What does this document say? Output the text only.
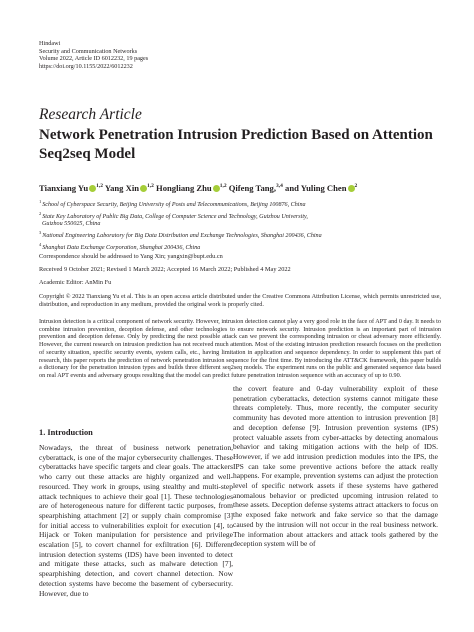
Hindawi
Security and Communication Networks
Volume 2022, Article ID 6012232, 19 pages
https://doi.org/10.1155/2022/6012232
Research Article
Network Penetration Intrusion Prediction Based on Attention Seq2seq Model
Tianxiang Yu $^{1,2}$ Yang Xin $^{1,2}$ Hongliang Zhu $^{1,2}$ Qifeng Tang,$^{3,4}$ and Yuling Chen $^2$
$^1$School of Cyberspace Security, Beijing University of Posts and Telecommunications, Beijing 100876, China
$^2$State Key Laboratory of Public Big Data, College of Computer Science and Technology, Guizhou University,
Guizhou 550025, China
$^3$National Engineering Laboratory for Big Data Distribution and Exchange Technologies, Shanghai 200436, China
$^4$Shanghai Data Exchange Corporation, Shanghai 200436, China
Correspondence should be addressed to Yang Xin; yangxin@bupt.edu.cn
Received 9 October 2021; Revised 1 March 2022; Accepted 16 March 2022; Published 4 May 2022
Academic Editor: AnMin Fu
Copyright © 2022 Tianxiang Yu et al. This is an open access article distributed under the Creative Commons Attribution License, which permits unrestricted use, distribution, and reproduction in any medium, provided the original work is properly cited.
Intrusion detection is a critical component of network security. However, intrusion detection cannot play a very good role in the face of APT and 0 day. It needs to combine intrusion prevention, deception defense, and other technologies to ensure network security. Intrusion prediction is an important part of intrusion prevention and deception defense. Only by predicting the next possible attack can we prevent the corresponding intrusion or cheat adversary more efficiently. However, the current research on intrusion prediction has not received much attention. Most of the existing intrusion prediction research focuses on the prediction of security situation, specific security events, system calls, etc., having limitation in application and sequence dependency. In order to supplement this part of research, this paper reports the prediction of network penetration intrusion sequence for the first time. By introducing the ATT&CK framework, this paper builds a dictionary for the penetration intrusion types and builds three different seq2seq models. The experiment runs on the public and generated sequence data based on real APT events and adversary groups resulting that the model can predict future penetration intrusion sequence with an accuracy of up to 0.90.
1. Introduction
Nowadays, the threat of business network penetration, cyberattack, is one of the major cybersecurity challenges. These cyberattacks have specific targets and clear goals. The attackers who carry out these attacks are highly organized and well-resourced. They work in groups, using stealthy and multi-step attack techniques to achieve their goal [1]. These technologies are of heterogeneous nature for different tactic purposes, from spearphishing attachment [2] or supply chain compromise [3] for initial access to vulnerabilities exploit for execution [4], to Hijack or Token manipulation for persistence and privilege escalation [5], to covert channel for exfiltration [6]. Different intrusion detection systems (IDS) have been invented to detect and mitigate these attacks, such as malware detection [7], spearphishing detection, and covert channel detection. Now detection systems have become the basement of cybersecurity. However, due to
the covert feature and 0-day vulnerability exploit of these penetration cyberattacks, detection systems cannot mitigate these threats completely. Thus, more recently, the computer security community has devoted more attention to intrusion prevention [8] and deception defense [9]. Intrusion prevention systems (IPS) protect valuable assets from cyber-attacks by detecting anomalous behavior and taking mitigation actions with the help of IDS. However, if we add intrusion prediction modules into the IPS, the IPS can take some preventive actions before the attack really happens. For example, prevention systems can adjust the protection level of specific network assets if these systems have gathered anomalous behavior or predicted upcoming intrusion related to these assets. Deception defense systems attract attackers to focus on the exposed fake network and fake service so that the damage caused by the intrusion will not occur in the real business network. The information about attackers and attack tools gathered by the deception system will be of
